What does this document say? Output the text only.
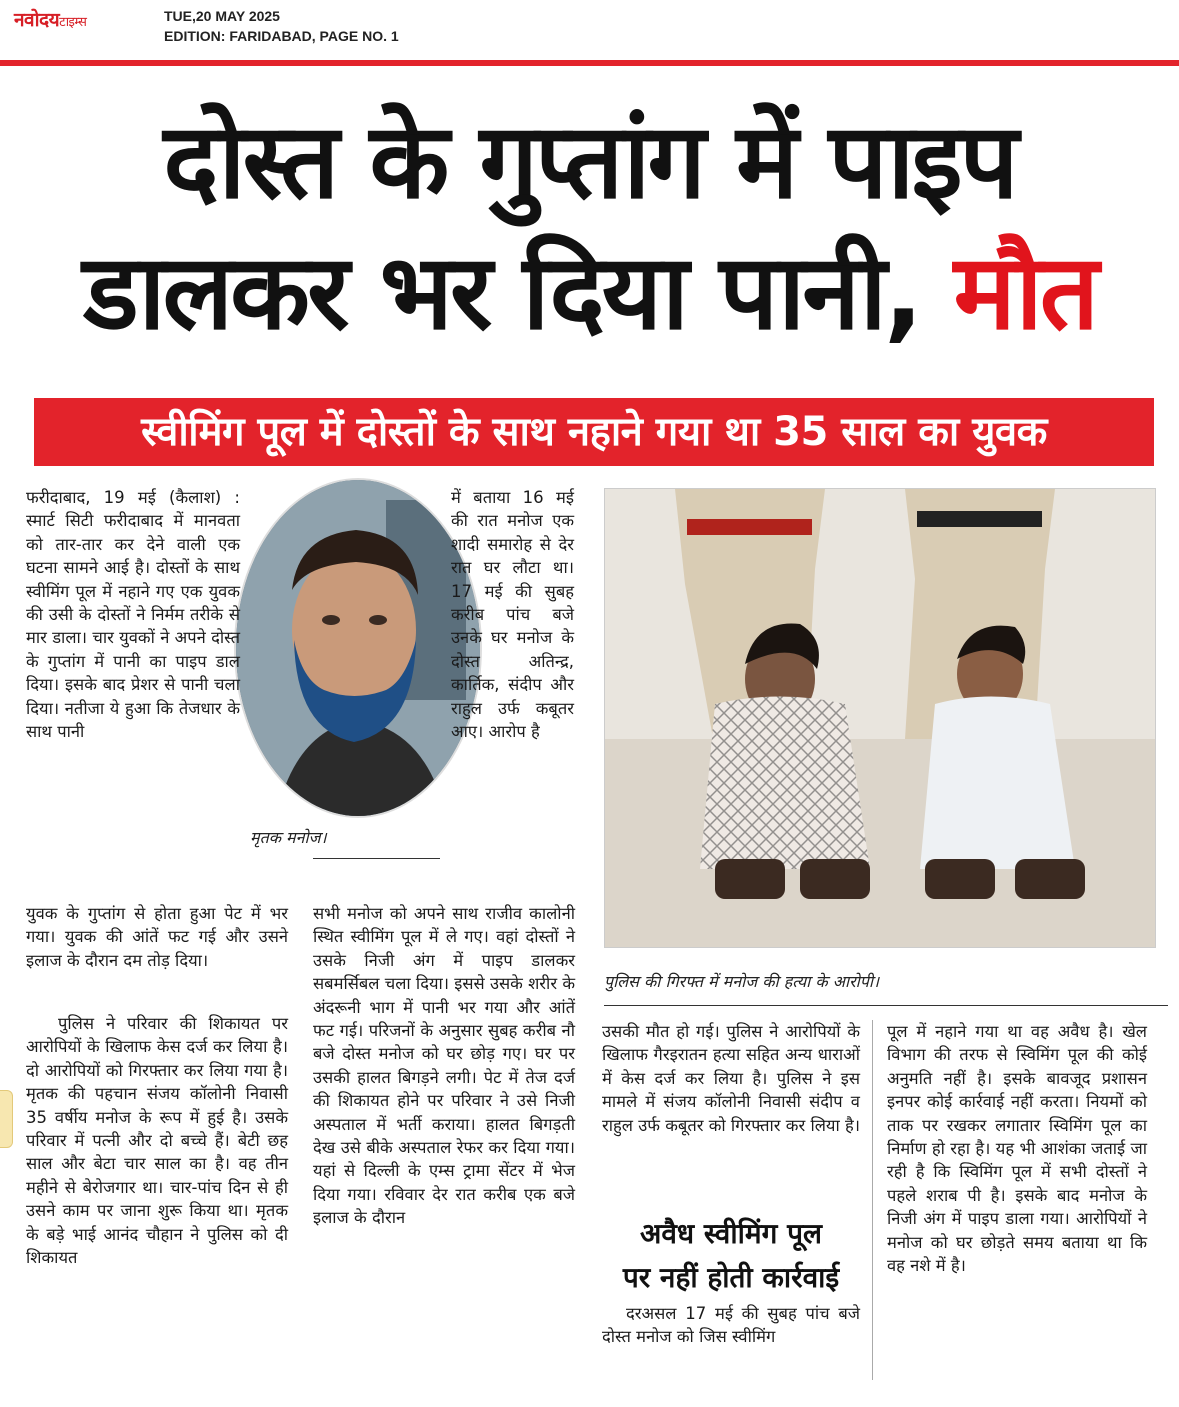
नवोदयटाइम्स	TUE,20 MAY 2025
EDITION: FARIDABAD, PAGE NO. 1
दोस्त के गुप्तांग में पाइप
डालकर भर दिया पानी, मौत
स्वीमिंग पूल में दोस्तों के साथ नहाने गया था 35 साल का युवक
मृतक मनोज।
पुलिस की गिरफ्त में मनोज की हत्या के आरोपी।
फरीदाबाद, 19 मई (कैलाश) : स्मार्ट सिटी फरीदाबाद में मानवता को तार-तार कर देने वाली एक घटना सामने आई है। दोस्तों के साथ स्वीमिंग पूल में नहाने गए एक युवक की उसी के दोस्तों ने निर्मम तरीके से मार डाला। चार युवकों ने अपने दोस्त के गुप्तांग में पानी का पाइप डाल दिया। इसके बाद प्रेशर से पानी चला दिया। नतीजा ये हुआ कि तेजधार के साथ पानी
युवक के गुप्तांग से होता हुआ पेट में भर गया। युवक की आंतें फट गई और उसने इलाज के दौरान दम तोड़ दिया।
पुलिस ने परिवार की शिकायत पर आरोपियों के खिलाफ केस दर्ज कर लिया है। दो आरोपियों को गिरफ्तार कर लिया गया है। मृतक की पहचान संजय कॉलोनी निवासी 35 वर्षीय मनोज के रूप में हुई है। उसके परिवार में पत्नी और दो बच्चे हैं। बेटी छह साल और बेटा चार साल का है। वह तीन महीने से बेरोजगार था। चार-पांच दिन से ही उसने काम पर जाना शुरू किया था। मृतक के बड़े भाई आनंद चौहान ने पुलिस को दी शिकायत
में बताया 16 मई की रात मनोज एक शादी समारोह से देर रात घर लौटा था। 17 मई की सुबह करीब पांच बजे उनके घर मनोज के दोस्त अतिन्द्र, कार्तिक, संदीप और राहुल उर्फ कबूतर आए। आरोप है
सभी मनोज को अपने साथ राजीव कालोनी स्थित स्वीमिंग पूल में ले गए। वहां दोस्तों ने उसके निजी अंग में पाइप डालकर सबमर्सिबल चला दिया। इससे उसके शरीर के अंदरूनी भाग में पानी भर गया और आंतें फट गई। परिजनों के अनुसार सुबह करीब नौ बजे दोस्त मनोज को घर छोड़ गए। घर पर उसकी हालत बिगड़ने लगी। पेट में तेज दर्ज की शिकायत होने पर परिवार ने उसे निजी अस्पताल में भर्ती कराया। हालत बिगड़ती देख उसे बीके अस्पताल रेफर कर दिया गया। यहां से दिल्ली के एम्स ट्रामा सेंटर में भेज दिया गया। रविवार देर रात करीब एक बजे इलाज के दौरान
उसकी मौत हो गई। पुलिस ने आरोपियों के खिलाफ गैरइरातन हत्या सहित अन्य धाराओं में केस दर्ज कर लिया है। पुलिस ने इस मामले में संजय कॉलोनी निवासी संदीप व राहुल उर्फ कबूतर को गिरफ्तार कर लिया है।
अवैध स्वीमिंग पूल
पर नहीं होती कार्रवाई
दरअसल 17 मई की सुबह पांच बजे दोस्त मनोज को जिस स्वीमिंग
पूल में नहाने गया था वह अवैध है। खेल विभाग की तरफ से स्विमिंग पूल की कोई अनुमति नहीं है। इसके बावजूद प्रशासन इनपर कोई कार्रवाई नहीं करता। नियमों को ताक पर रखकर लगातार स्विमिंग पूल का निर्माण हो रहा है। यह भी आशंका जताई जा रही है कि स्विमिंग पूल में सभी दोस्तों ने पहले शराब पी है। इसके बाद मनोज के निजी अंग में पाइप डाला गया। आरोपियों ने मनोज को घर छोड़ते समय बताया था कि वह नशे में है।
